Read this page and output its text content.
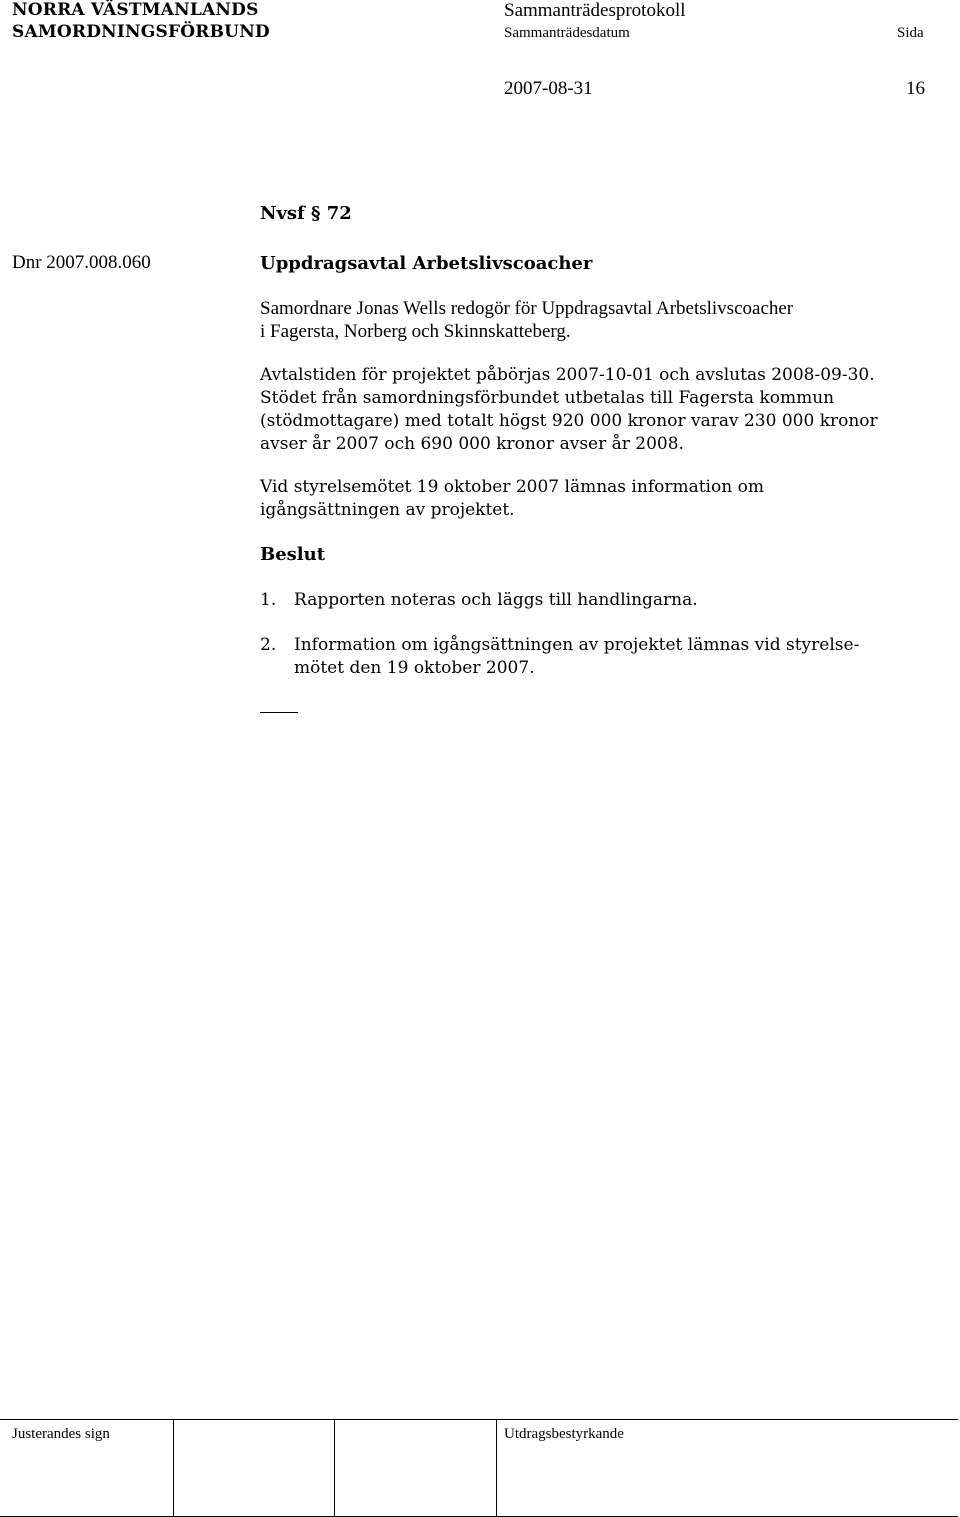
NORRA VÄSTMANLANDS
SAMORDNINGSFÖRBUND
Sammanträdesprotokoll
Sammanträdesdatum	Sida
2007-08-31	16
Nvsf § 72
Dnr 2007.008.060	Uppdragsavtal Arbetslivscoacher
Samordnare Jonas Wells redogör för Uppdragsavtal Arbetslivscoacher
i Fagersta, Norberg och Skinnskatteberg.
Avtalstiden för projektet påbörjas 2007-10-01 och avslutas 2008-09-30.
Stödet från samordningsförbundet utbetalas till Fagersta kommun
(stödmottagare) med totalt högst 920 000 kronor varav 230 000 kronor
avser år 2007 och 690 000 kronor avser år 2008.
Vid styrelsemötet 19 oktober 2007 lämnas information om
igångsättningen av projektet.
Beslut
1. Rapporten noteras och läggs till handlingarna.
2. Information om igångsättningen av projektet lämnas vid styrelse-
mötet den 19 oktober 2007.
Justerandes sign	Utdragsbestyrkande
